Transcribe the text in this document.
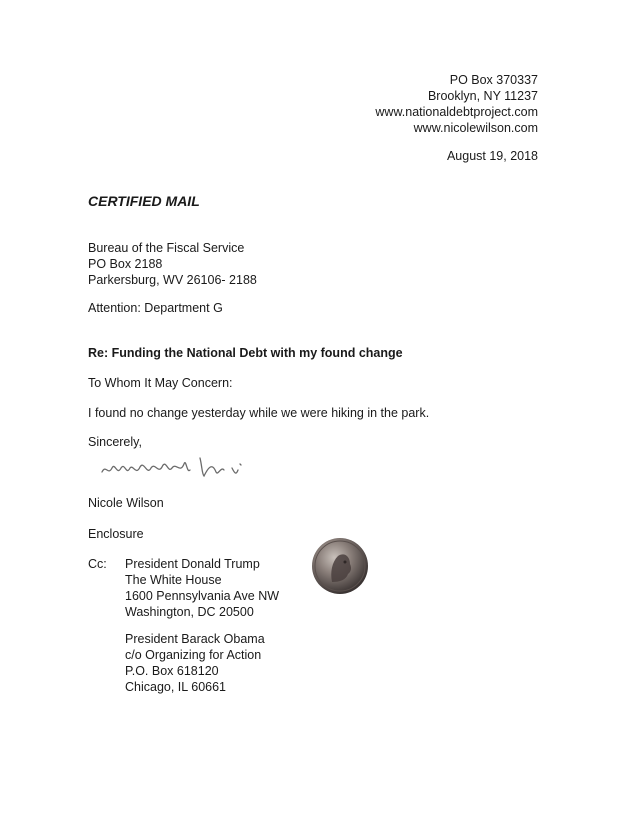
PO Box 370337
Brooklyn, NY 11237
www.nationaldebtproject.com
www.nicolewilson.com
August 19, 2018
CERTIFIED MAIL
Bureau of the Fiscal Service
PO Box 2188
Parkersburg, WV 26106- 2188
Attention: Department G
Re: Funding the National Debt with my found change
To Whom It May Concern:
I found no change yesterday while we were hiking in the park.
Sincerely,
Nicole Wilson
Enclosure
Cc: President Donald Trump
The White House
1600 Pennsylvania Ave NW
Washington, DC 20500
President Barack Obama
c/o Organizing for Action
P.O. Box 618120
Chicago, IL 60661
